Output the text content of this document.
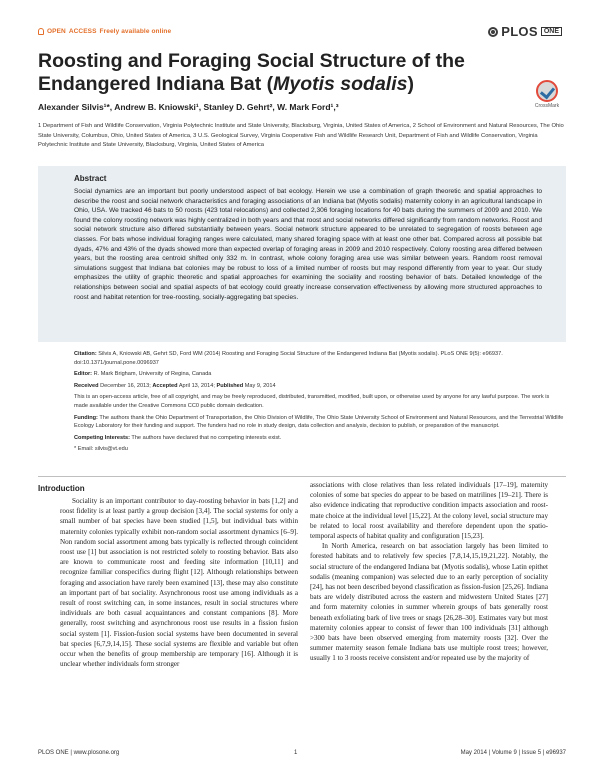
OPEN ACCESS Freely available online	PLOS ONE
Roosting and Foraging Social Structure of the Endangered Indiana Bat (Myotis sodalis)
CrossMark
Alexander Silvis¹*, Andrew B. Kniowski¹, Stanley D. Gehrt², W. Mark Ford¹,³
1 Department of Fish and Wildlife Conservation, Virginia Polytechnic Institute and State University, Blacksburg, Virginia, United States of America, 2 School of Environment and Natural Resources, The Ohio State University, Columbus, Ohio, United States of America, 3 U.S. Geological Survey, Virginia Cooperative Fish and Wildlife Research Unit, Department of Fish and Wildlife Conservation, Virginia Polytechnic Institute and State University, Blacksburg, Virginia, United States of America
Abstract

Social dynamics are an important but poorly understood aspect of bat ecology. Herein we use a combination of graph theoretic and spatial approaches to describe the roost and social network characteristics and foraging associations of an Indiana bat (Myotis sodalis) maternity colony in an agricultural landscape in Ohio, USA. We tracked 46 bats to 50 roosts (423 total relocations) and collected 2,306 foraging locations for 40 bats during the summers of 2009 and 2010. We found the colony roosting network was highly centralized in both years and that roost and social networks differed significantly from random networks. Roost and social network structure also differed substantially between years. Social network structure appeared to be unrelated to segregation of roosts between age classes. For bats whose individual foraging ranges were calculated, many shared foraging space with at least one other bat. Compared across all possible bat dyads, 47% and 43% of the dyads showed more than expected overlap of foraging areas in 2009 and 2010 respectively. Colony roosting area differed between years, but the roosting area centroid shifted only 332 m. In contrast, whole colony foraging area use was similar between years. Random roost removal simulations suggest that Indiana bat colonies may be robust to loss of a limited number of roosts but may respond differently from year to year. Our study emphasizes the utility of graphic theoretic and spatial approaches for examining the sociality and roosting behavior of bats. Detailed knowledge of the relationships between social and spatial aspects of bat ecology could greatly increase conservation effectiveness by allowing more structured approaches to roost and habitat retention for tree-roosting, socially-aggregating bat species.

Citation: Silvis A, Kniowski AB, Gehrt SD, Ford WM (2014) Roosting and Foraging Social Structure of the Endangered Indiana Bat (Myotis sodalis). PLoS ONE 9(5): e96937. doi:10.1371/journal.pone.0096937
Editor: R. Mark Brigham, University of Regina, Canada
Received December 16, 2013; Accepted April 13, 2014; Published May 9, 2014
This is an open-access article, free of all copyright, and may be freely reproduced, distributed, transmitted, modified, built upon, or otherwise used by anyone for any lawful purpose. The work is made available under the Creative Commons CC0 public domain dedication.
Funding: The authors thank the Ohio Department of Transportation, the Ohio Division of Wildlife, The Ohio State University School of Environment and Natural Resources, and the Terrestrial Wildlife Ecology Laboratory for their funding and support. The funders had no role in study design, data collection and analysis, decision to publish, or preparation of the manuscript.
Competing Interests: The authors have declared that no competing interests exist.
* Email: silvis@vt.edu
Introduction

Sociality is an important contributor to day-roosting behavior in bats [1,2] and roost fidelity is at least partly a group decision [3,4]. The social systems for only a small number of bat species have been studied [1,5], but individual bats within maternity colonies typically exhibit non-random social assortment dynamics [6–9]. Non random social assortment among bats typically is reflected through coincident roost use [1] but association is not restricted solely to roosting behavior. Bats also are known to communicate roost and feeding site information [10,11] and recognize familiar conspecifics during flight [12]. Although relationships between foraging and association have rarely been examined [13], these may also constitute an important part of bat sociality. Asynchronous roost use among individuals as a result of roost switching can, in some instances, result in social structures where individuals are both casual acquaintances and constant companions [8]. More generally, roost switching and asynchronous roost use results in a fission fusion social system [1]. Fission-fusion social systems have been documented in several bat species [6,7,9,14,15]. These social systems are flexible and variable but often occur when the benefits of group membership are temporary [16]. Although it is unclear whether individuals form stronger

associations with close relatives than less related individuals [17–19], maternity colonies of some bat species do appear to be based on matrilines [19–21]. There is also evidence indicating that reproductive condition impacts association and roost-mate choice at the individual level [15,22]. At the colony level, social structure may be related to local roost availability and therefore dependent upon the spatio-temporal aspects of habitat quality and configuration [15,23].

In North America, research on bat association largely has been limited to forested habitats and to relatively few species [7,8,14,15,19,21,22]. Notably, the social structure of the endangered Indiana bat (Myotis sodalis), whose Latin epithet sodalis (meaning companion) was selected due to an early perception of sociality [24], has not been described beyond classification as fission-fusion [25,26]. Indiana bats are widely distributed across the eastern and midwestern United States [27] and form maternity colonies in summer wherein groups of bats generally roost beneath exfoliating bark of live trees or snags [26,28–30]. Estimates vary but most maternity colonies appear to consist of fewer than 100 individuals [31] although >300 bats have been observed emerging from maternity roosts [32]. Over the summer maternity season female Indiana bats use multiple roost trees; however, usually 1 to 3 roosts receive consistent and/or repeated use by the majority of

PLOS ONE | www.plosone.org	1	May 2014 | Volume 9 | Issue 5 | e96937
